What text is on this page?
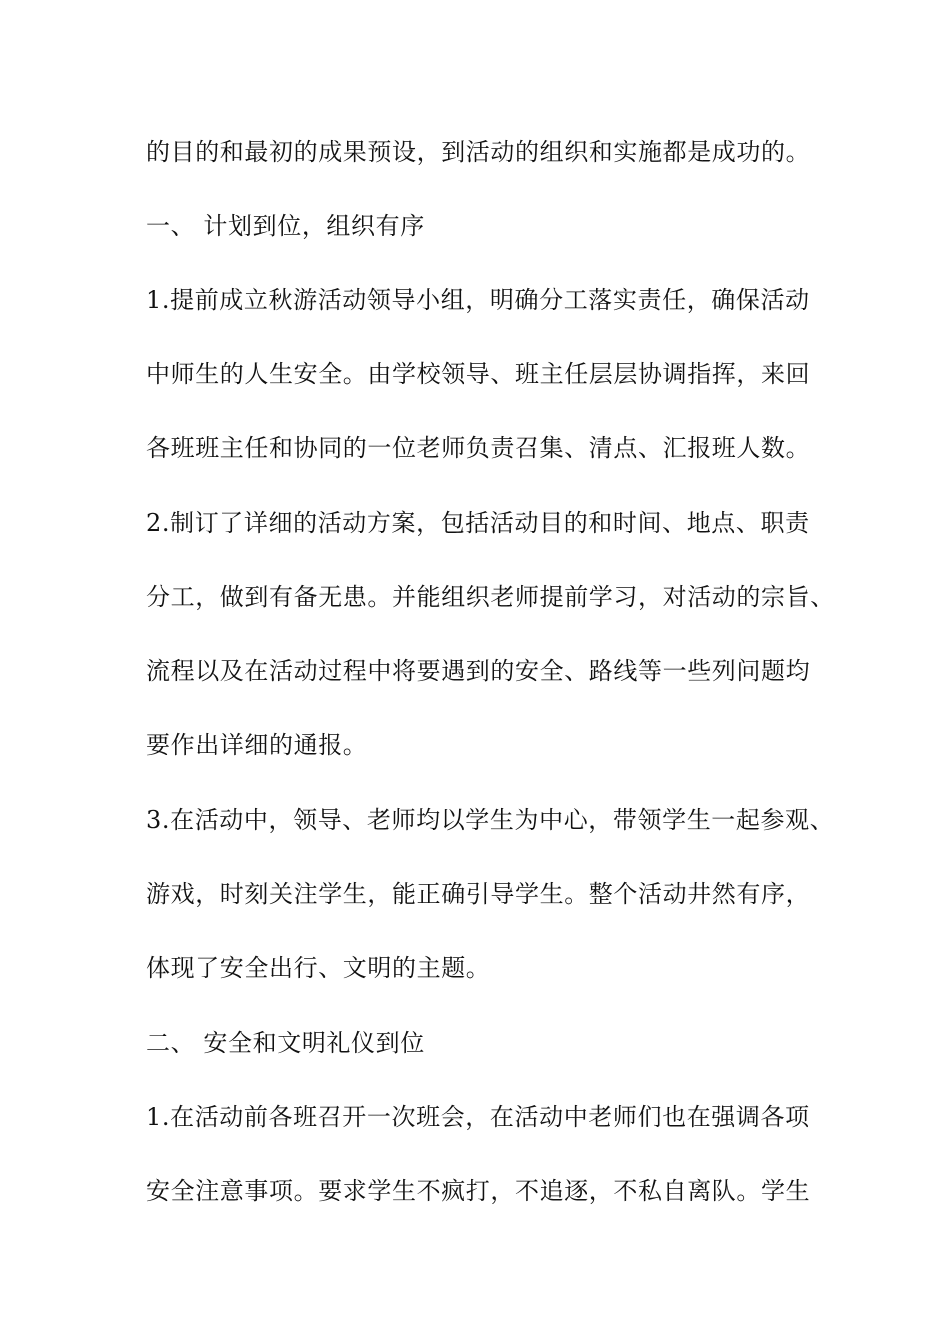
的目的和最初的成果预设，到活动的组织和实施都是成功的。
一、 计划到位，组织有序
1.提前成立秋游活动领导小组，明确分工落实责任，确保活动
中师生的人生安全。由学校领导、班主任层层协调指挥，来回
各班班主任和协同的一位老师负责召集、清点、汇报班人数。
2.制订了详细的活动方案，包括活动目的和时间、地点、职责
分工，做到有备无患。并能组织老师提前学习，对活动的宗旨、
流程以及在活动过程中将要遇到的安全、路线等一些列问题均
要作出详细的通报。
3.在活动中，领导、老师均以学生为中心，带领学生一起参观、
游戏，时刻关注学生，能正确引导学生。整个活动井然有序，
体现了安全出行、文明的主题。
二、 安全和文明礼仪到位
1.在活动前各班召开一次班会，在活动中老师们也在强调各项
安全注意事项。要求学生不疯打，不追逐，不私自离队。学生
